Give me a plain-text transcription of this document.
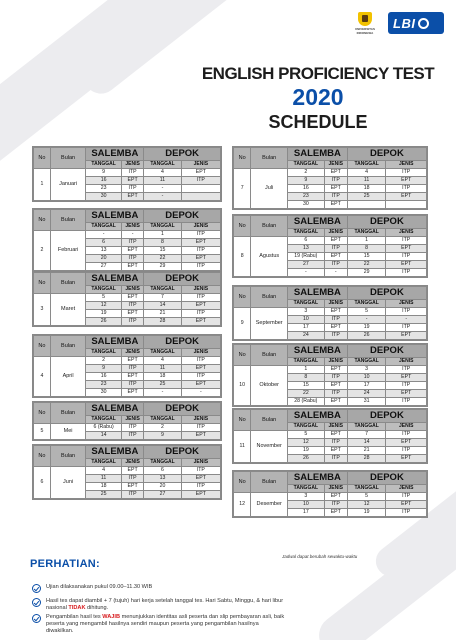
UNIVERSITAS INDONESIA
LBI
ENGLISH PROFICIENCY TEST
2020
SCHEDULE
No	Bulan	SALEMBA		DEPOK	
		TANGGAL	JENIS	TANGGAL	JENIS
1	Januari	9	ITP	4	EPT
		16	EPT	11	ITP
		23	ITP	-	
		30	EPT	-	
No	Bulan	SALEMBA		DEPOK	
		TANGGAL	JENIS	TANGGAL	JENIS
2	Februari	-	-	1	ITP
		6	ITP	8	EPT
		13	EPT	15	ITP
		20	ITP	22	EPT
		27	EPT	29	ITP
No	Bulan	SALEMBA		DEPOK	
		TANGGAL	JENIS	TANGGAL	JENIS
3	Maret	5	EPT	7	ITP
		12	ITP	14	EPT
		19	EPT	21	ITP
		26	ITP	28	EPT
No	Bulan	SALEMBA		DEPOK	
		TANGGAL	JENIS	TANGGAL	JENIS
4	April	2	EPT	4	ITP
		9	ITP	11	EPT
		16	EPT	18	ITP
		23	ITP	25	EPT
		30	EPT	-	-
No	Bulan	SALEMBA		DEPOK	
		TANGGAL	JENIS	TANGGAL	JENIS
5	Mei	6 (Rabu)	ITP	2	ITP
		14	ITP	9	EPT
No	Bulan	SALEMBA		DEPOK	
		TANGGAL	JENIS	TANGGAL	JENIS
6	Juni	4	EPT	6	ITP
		11	ITP	13	EPT
		18	EPT	20	ITP
		25	ITP	27	EPT
No	Bulan	SALEMBA		DEPOK	
		TANGGAL	JENIS	TANGGAL	JENIS
7	Juli	2	EPT	4	ITP
		9	ITP	11	EPT
		16	EPT	18	ITP
		23	ITP	25	EPT
		30	EPT		
No	Bulan	SALEMBA		DEPOK	
		TANGGAL	JENIS	TANGGAL	JENIS
8	Agustus	6	EPT	1	ITP
		13	ITP	8	EPT
		19 (Rabu)	EPT	15	ITP
		27	ITP	22	EPT
		-	-	29	ITP
No	Bulan	SALEMBA		DEPOK	
		TANGGAL	JENIS	TANGGAL	JENIS
9	September	3	EPT	5	ITP
		10	ITP	-	-
		17	EPT	19	ITP
		24	ITP	26	EPT
No	Bulan	SALEMBA		DEPOK	
		TANGGAL	JENIS	TANGGAL	JENIS
10	Oktober	1	EPT	3	ITP
		8	ITP	10	EPT
		15	EPT	17	ITP
		22	ITP	24	EPT
		28 (Rabu)	EPT	31	ITP
No	Bulan	SALEMBA		DEPOK	
		TANGGAL	JENIS	TANGGAL	JENIS
11	November	5	EPT	7	ITP
		12	ITP	14	EPT
		19	EPT	21	ITP
		26	ITP	28	EPT
No	Bulan	SALEMBA		DEPOK	
		TANGGAL	JENIS	TANGGAL	JENIS
12	Desember	3	EPT	5	ITP
		10	ITP	12	EPT
		17	EPT	19	ITP
Jadwal dapat berubah sewaktu-waktu
PERHATIAN:
Ujian dilaksanakan pukul 09.00–11.30 WIB
Hasil tes dapat diambil + 7 (tujuh) hari kerja setelah tanggal tes. Hari Sabtu, Minggu, & hari libur nasional TIDAK dihitung.
Pengambilan hasil tes WAJIB menunjukkan identitas asli peserta dan slip pembayaran asli, baik peserta yang mengambil hasilnya sendiri maupun peserta yang pengambilan hasilnya diwakilkan.
